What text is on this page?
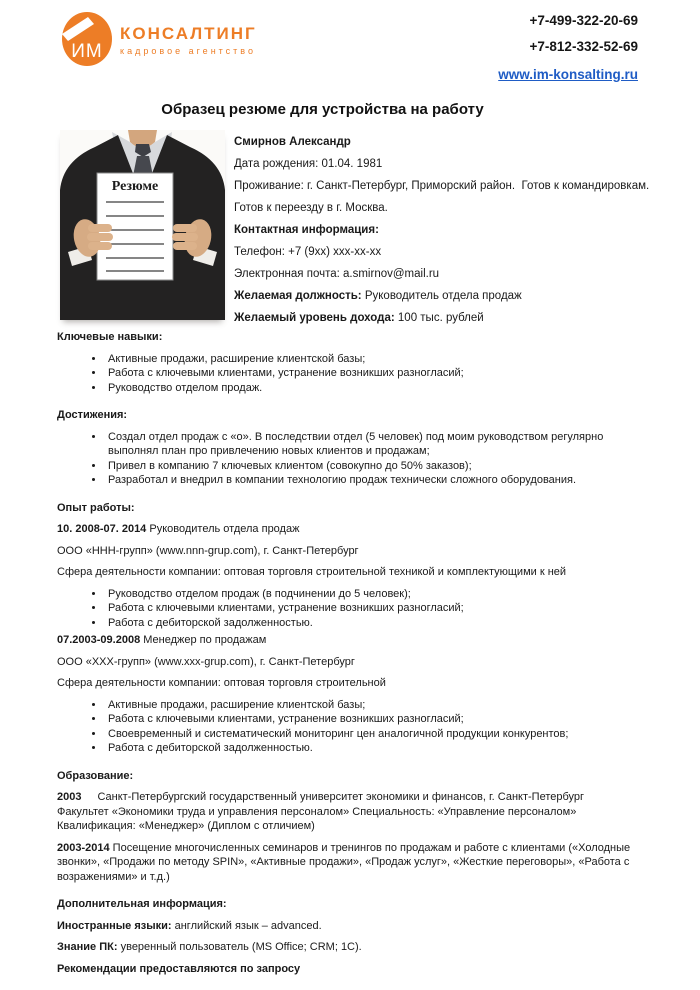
ИМ
КОНСАЛТИНГ
кадровое агентство
+7-499-322-20-69
+7-812-332-52-69
www.im-konsalting.ru
Образец резюме для устройства на работу
Резюме

Смирнов Александр

Дата рождения: 01.04. 1981

Проживание: г. Санкт-Петербург, Приморский район.  Готов к командировкам.

Готов к переезду в г. Москва.

Контактная информация:

Телефон: +7 (9хх) ххх-хх-хх

Электронная почта: a.smirnov@mail.ru

Желаемая должность: Руководитель отдела продаж

Желаемый уровень дохода: 100 тыс. рублей

Ключевые навыки:
• Активные продажи, расширение клиентской базы;
• Работа с ключевыми клиентами, устранение возникших разногласий;
• Руководство отделом продаж.
Достижения:
• Создал отдел продаж с «о». В последствии отдел (5 человек) под моим руководством регулярно выполнял план про привлечению новых клиентов и продажам;
• Привел в компанию 7 ключевых клиентом (совокупно до 50% заказов);
• Разработал и внедрил в компании технологию продаж технически сложного оборудования.
Опыт работы:

10. 2008-07. 2014 Руководитель отдела продаж

ООО «ННН-групп» (www.nnn-grup.com), г. Санкт-Петербург

Сфера деятельности компании: оптовая торговля строительной техникой и комплектующими к ней

• Руководство отделом продаж (в подчинении до 5 человек);
• Работа с ключевыми клиентами, устранение возникших разногласий;
• Работа с дебиторской задолженностью.

07.2003-09.2008 Менеджер по продажам

ООО «ХХХ-групп» (www.xxx-grup.com), г. Санкт-Петербург

Сфера деятельности компании: оптовая торговля строительной

• Активные продажи, расширение клиентской базы;
• Работа с ключевыми клиентами, устранение возникших разногласий;
• Своевременный и систематический мониторинг цен аналогичной продукции конкурентов;
• Работа с дебиторской задолженностью.
Образование:
2003 Санкт-Петербургский государственный университет экономики и финансов, г. Санкт-Петербург

Факультет «Экономики труда и управления персоналом» Специальность: «Управление персоналом» Квалификация: «Менеджер» (Диплом с отличием)

2003-2014 Посещение многочисленных семинаров и тренингов по продажам и работе с клиентами («Холодные звонки», «Продажи по методу SPIN», «Активные продажи», «Продаж услуг», «Жесткие переговоры», «Работа с возражениями» и т.д.)

Дополнительная информация:

Иностранные языки: английский язык – advanced.

Знание ПК: уверенный пользователь (MS Office; CRM; 1С).

Рекомендации предоставляются по запросу
